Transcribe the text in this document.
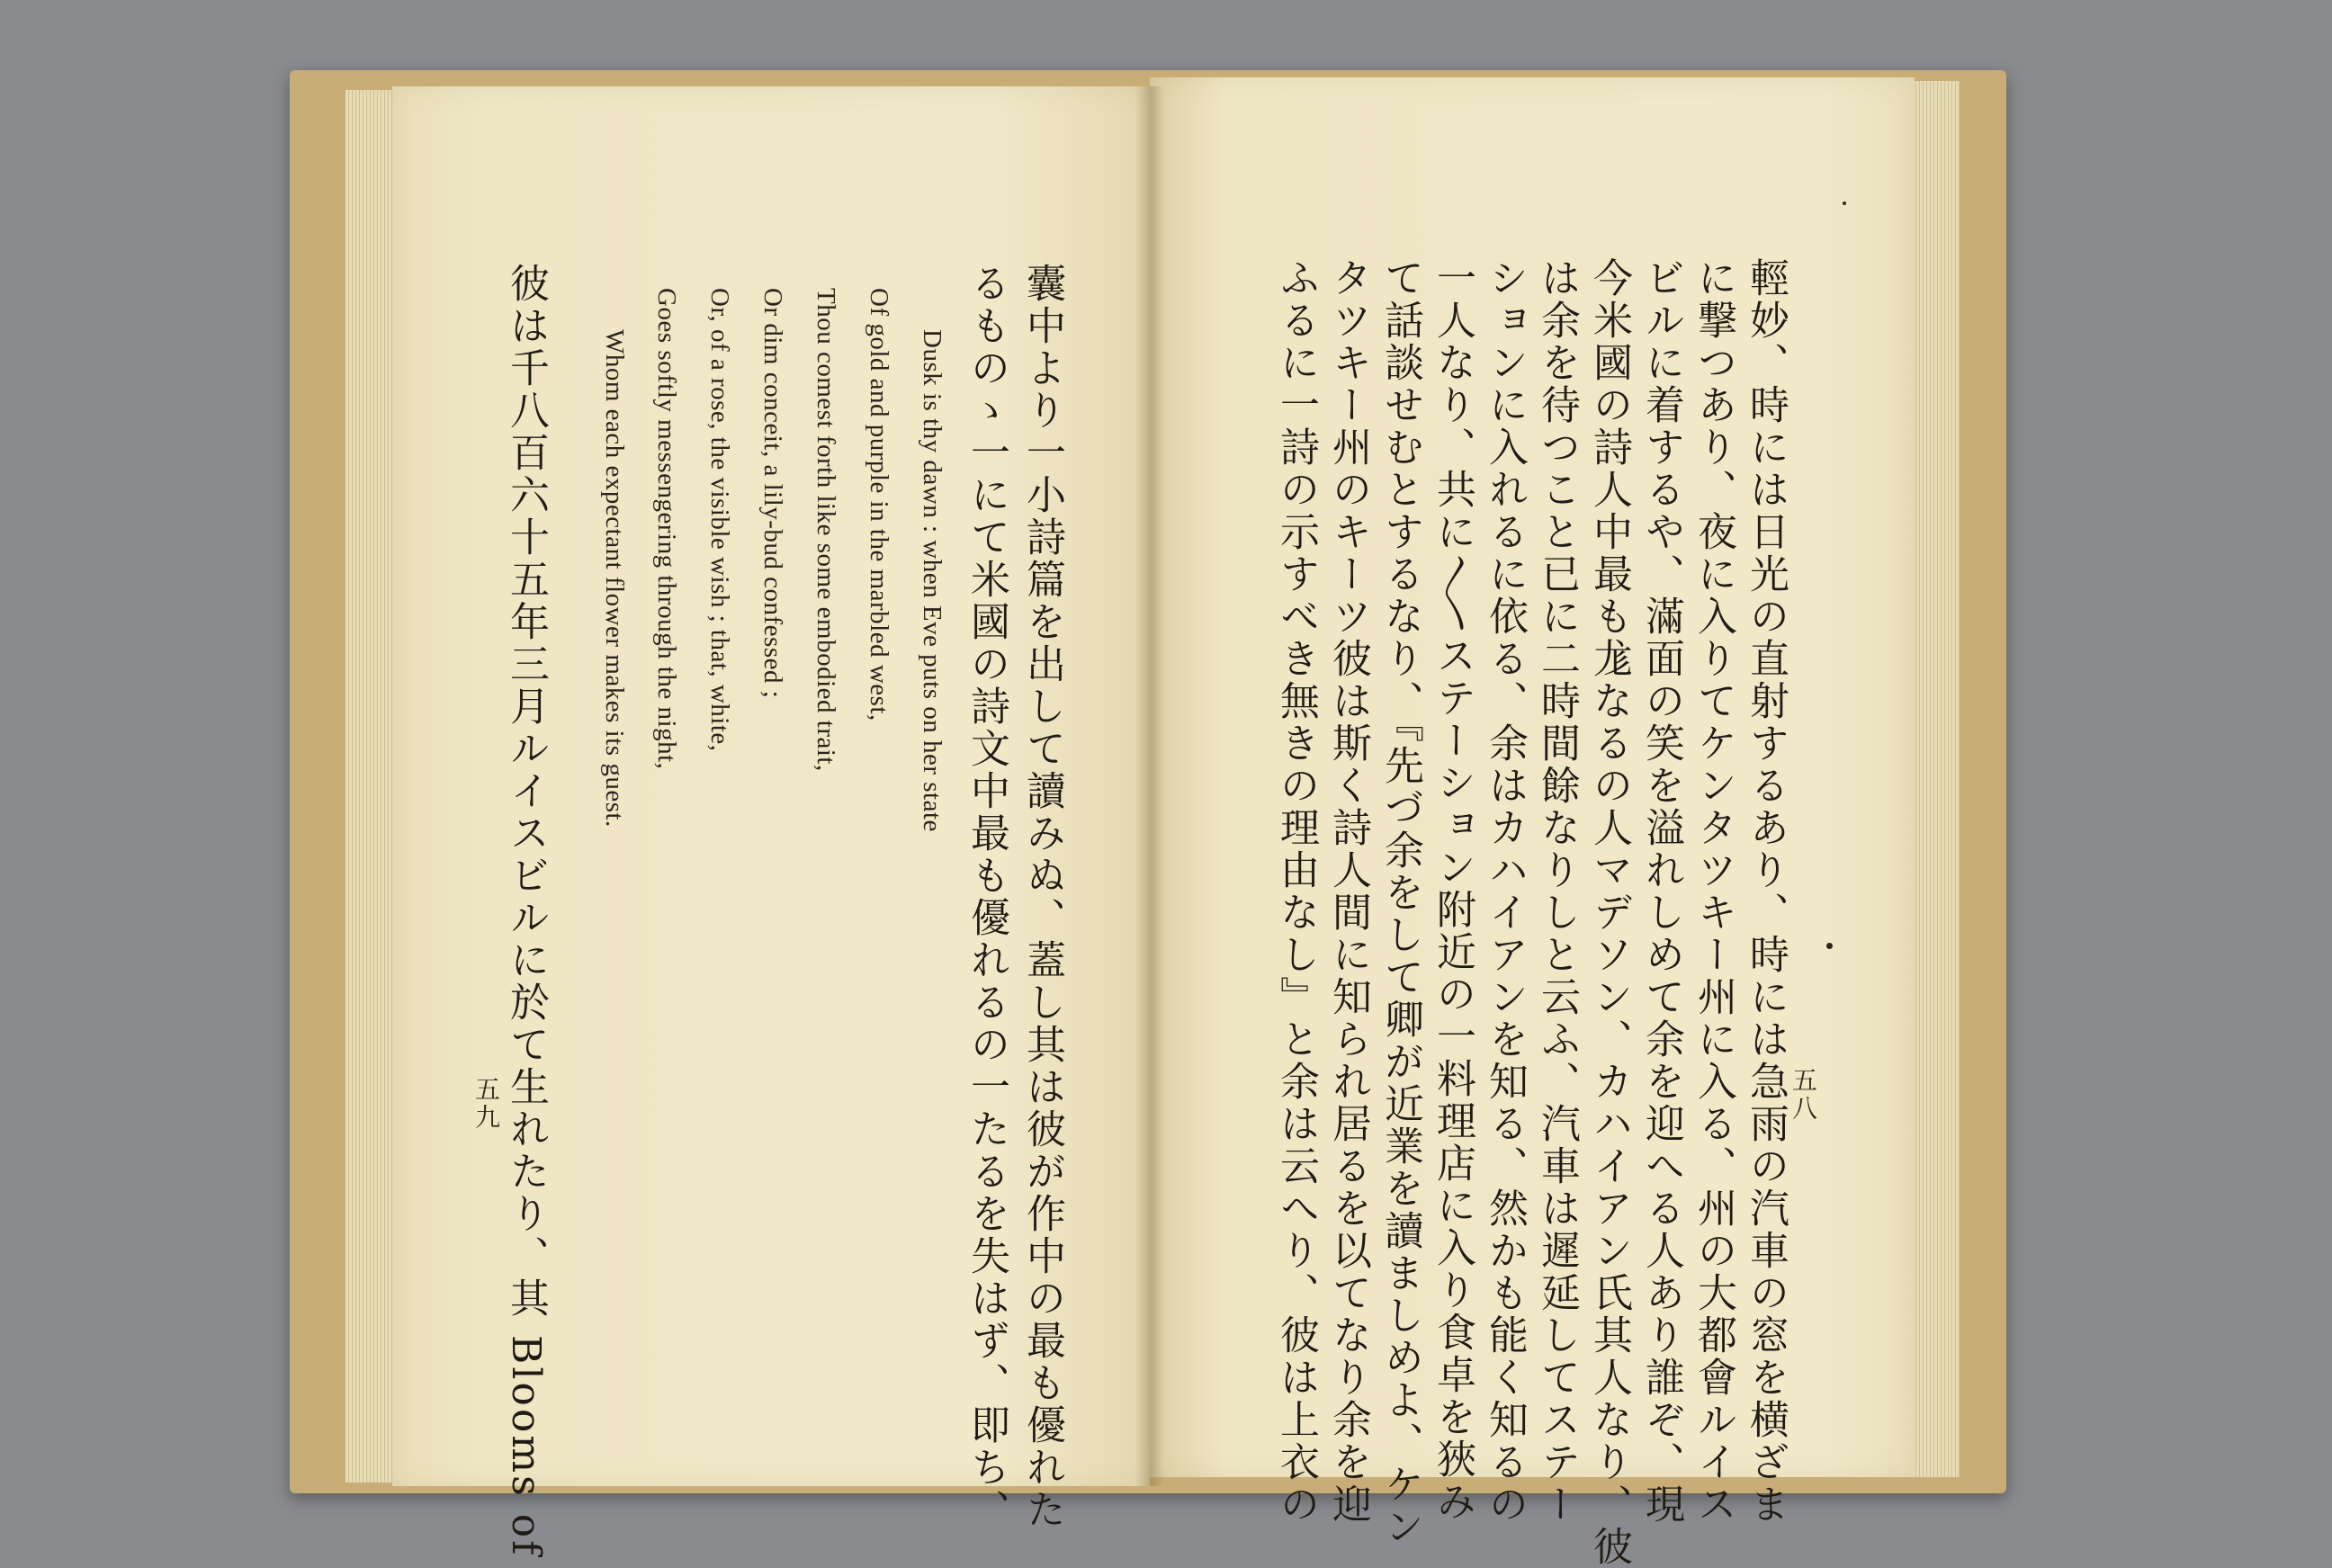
囊中より一小詩篇を出して讀みぬ、蓋し其は彼が作中の最も優れた
るものゝ一にて米國の詩文中最も優れるの一たるを失はず、即ち、
Dusk is thy dawn : when Eve puts on her state
Of gold and purple in the marbled west,
Thou comest forth like some embodied trait,
Or dim conceit, a lily-bud confessed ;
Or, of a rose, the visible wish ; that, white,
Goes softly messengering through the night,
Whom each expectant flower makes its guest.
彼は千八百六十五年三月ルイスビルに於て生れたり、其 Blooms of
五九	輕妙、時には日光の直射するあり、時には急雨の汽車の窓を横ざま
に撃つあり、夜に入りてケンタツキー州に入る、州の大都會ルイス
ビルに着するや、滿面の笑を溢れしめて余を迎へる人あり誰ぞ、現
今米國の詩人中最も尨なるの人マデソン、カハイアン氏其人なり、彼
は余を待つこと已に二時間餘なりしと云ふ、汽車は遲延してステー
ションに入れるに依る、余はカハイアンを知る、然かも能く知るの
一人なり、共に〳〵ステーション附近の一料理店に入り食卓を狹み
て話談せむとするなり、『先づ余をして卿が近業を讀ましめよ、ケン
タツキー州のキーツ彼は斯く詩人間に知られ居るを以てなり余を迎
ふるに一詩の示すべき無きの理由なし』と余は云へり、彼は上衣の	五八
